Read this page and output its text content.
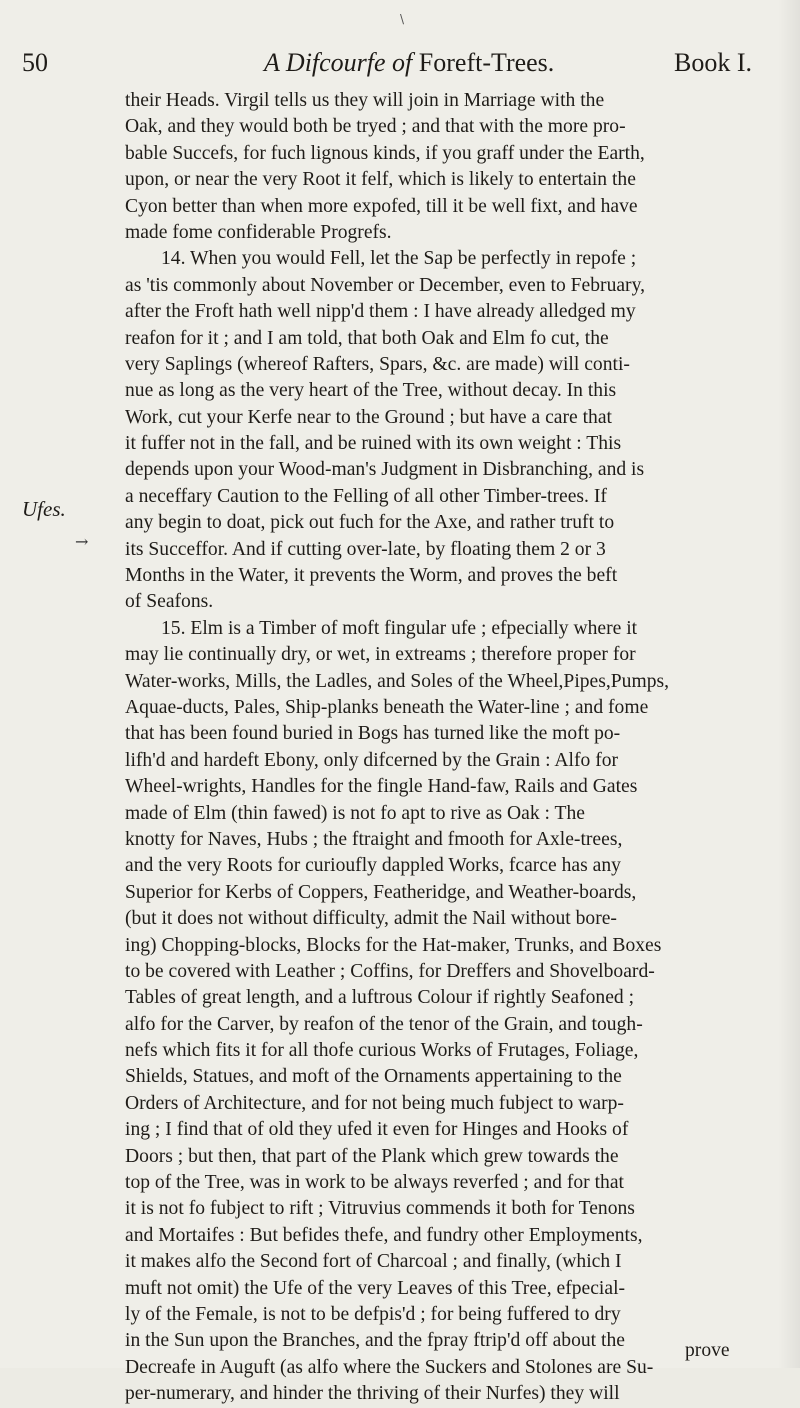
\
50	A Difcourfe of Foreft-Trees.	Book I.
Ufes.
→
their Heads. Virgil tells us they will join in Marriage with the
Oak, and they would both be tryed ; and that with the more pro-
bable Succefs, for fuch lignous kinds, if you graff under the Earth,
upon, or near the very Root it felf, which is likely to entertain the
Cyon better than when more expofed, till it be well fixt, and have
made fome confiderable Progrefs.
14. When you would Fell, let the Sap be perfectly in repofe ;
as 'tis commonly about November or December, even to February,
after the Froft hath well nipp'd them : I have already alledged my
reafon for it ; and I am told, that both Oak and Elm fo cut, the
very Saplings (whereof Rafters, Spars, &c. are made) will conti-
nue as long as the very heart of the Tree, without decay. In this
Work, cut your Kerfe near to the Ground ; but have a care that
it fuffer not in the fall, and be ruined with its own weight : This
depends upon your Wood-man's Judgment in Disbranching, and is
a neceffary Caution to the Felling of all other Timber-trees. If
any begin to doat, pick out fuch for the Axe, and rather truft to
its Succeffor. And if cutting over-late, by floating them 2 or 3
Months in the Water, it prevents the Worm, and proves the beft
of Seafons.
15. Elm is a Timber of moft fingular ufe ; efpecially where it
may lie continually dry, or wet, in extreams ; therefore proper for
Water-works, Mills, the Ladles, and Soles of the Wheel,Pipes,Pumps,
Aquae-ducts, Pales, Ship-planks beneath the Water-line ; and fome
that has been found buried in Bogs has turned like the moft po-
lifh'd and hardeft Ebony, only difcerned by the Grain : Alfo for
Wheel-wrights, Handles for the fingle Hand-faw, Rails and Gates
made of Elm (thin fawed) is not fo apt to rive as Oak : The
knotty for Naves, Hubs ; the ftraight and fmooth for Axle-trees,
and the very Roots for curioufly dappled Works, fcarce has any
Superior for Kerbs of Coppers, Featheridge, and Weather-boards,
(but it does not without difficulty, admit the Nail without bore-
ing) Chopping-blocks, Blocks for the Hat-maker, Trunks, and Boxes
to be covered with Leather ; Coffins, for Dreffers and Shovelboard-
Tables of great length, and a luftrous Colour if rightly Seafoned ;
alfo for the Carver, by reafon of the tenor of the Grain, and tough-
nefs which fits it for all thofe curious Works of Frutages, Foliage,
Shields, Statues, and moft of the Ornaments appertaining to the
Orders of Architecture, and for not being much fubject to warp-
ing ; I find that of old they ufed it even for Hinges and Hooks of
Doors ; but then, that part of the Plank which grew towards the
top of the Tree, was in work to be always reverfed ; and for that
it is not fo fubject to rift ; Vitruvius commends it both for Tenons
and Mortaifes : But befides thefe, and fundry other Employments,
it makes alfo the Second fort of Charcoal ; and finally, (which I
muft not omit) the Ufe of the very Leaves of this Tree, efpecial-
ly of the Female, is not to be defpis'd ; for being fuffered to dry
in the Sun upon the Branches, and the fpray ftrip'd off about the
Decreafe in Auguft (as alfo where the Suckers and Stolones are Su-
per-numerary, and hinder the thriving of their Nurfes) they will
prove
